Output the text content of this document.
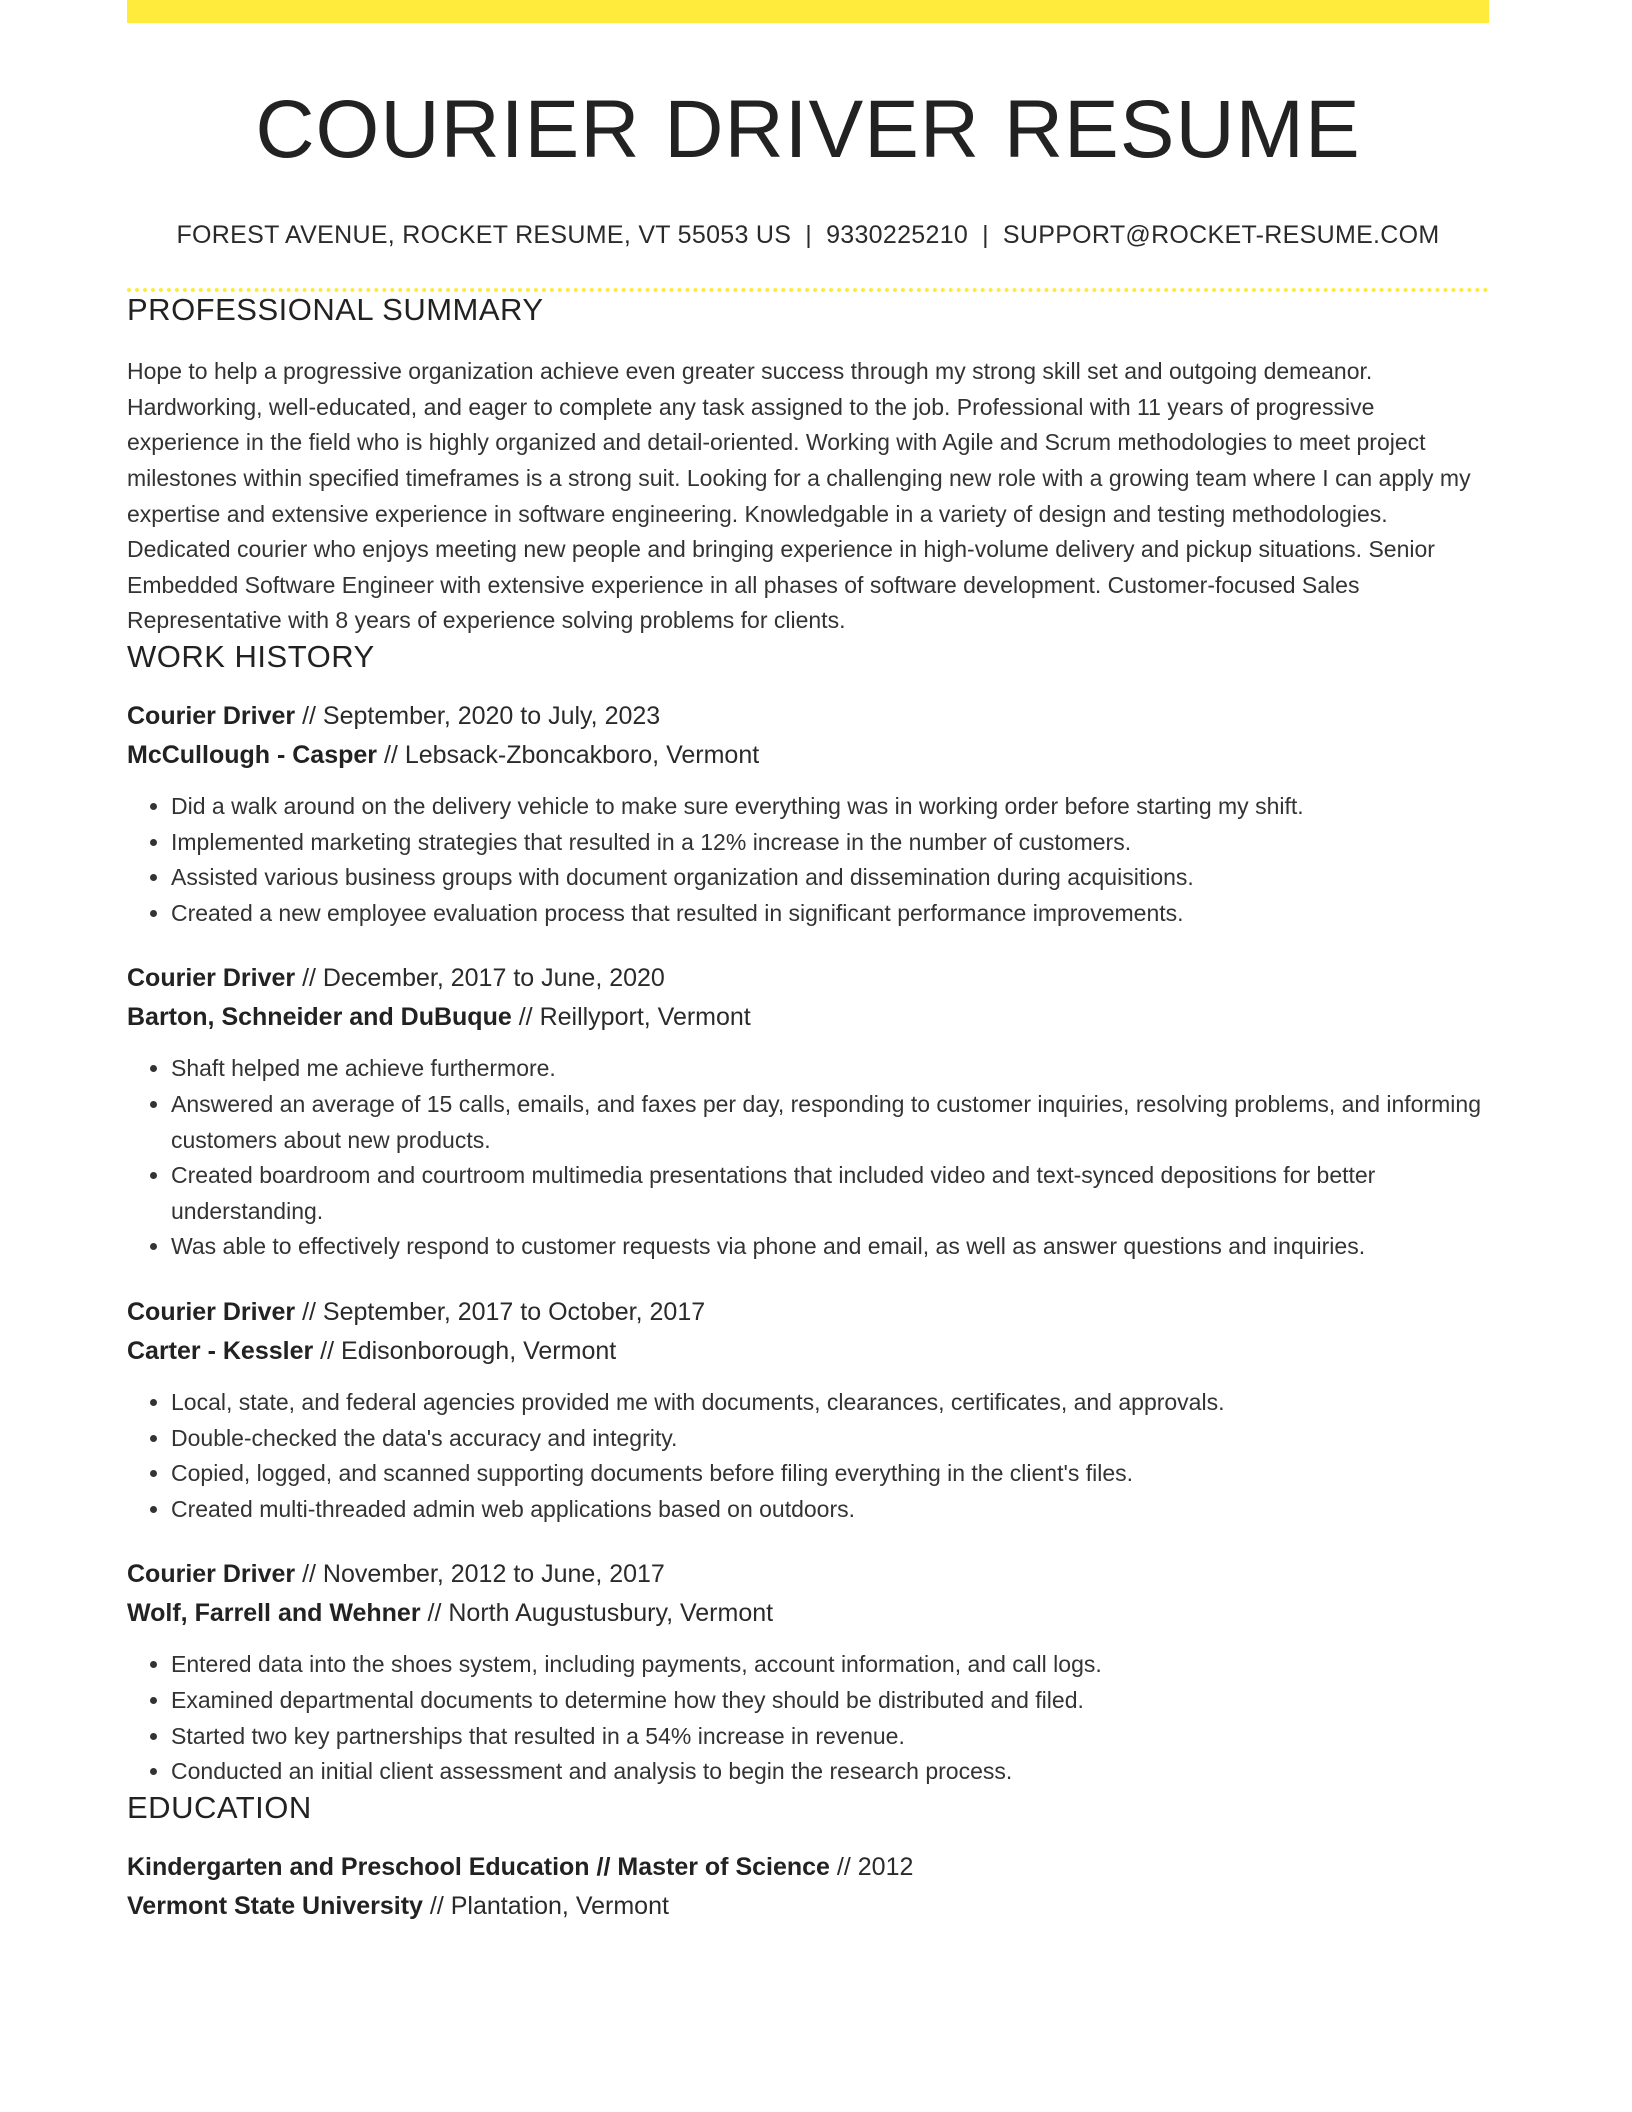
COURIER DRIVER RESUME
FOREST AVENUE, ROCKET RESUME, VT 55053 US | 9330225210 | SUPPORT@ROCKET-RESUME.COM
PROFESSIONAL SUMMARY

Hope to help a progressive organization achieve even greater success through my strong skill set and outgoing demeanor. Hardworking, well-educated, and eager to complete any task assigned to the job. Professional with 11 years of progressive experience in the field who is highly organized and detail-oriented. Working with Agile and Scrum methodologies to meet project milestones within specified timeframes is a strong suit. Looking for a challenging new role with a growing team where I can apply my expertise and extensive experience in software engineering. Knowledgable in a variety of design and testing methodologies. Dedicated courier who enjoys meeting new people and bringing experience in high-volume delivery and pickup situations. Senior Embedded Software Engineer with extensive experience in all phases of software development. Customer-focused Sales Representative with 8 years of experience solving problems for clients.

WORK HISTORY
Courier Driver // September, 2020 to July, 2023
McCullough - Casper // Lebsack-Zboncakboro, Vermont
• Did a walk around on the delivery vehicle to make sure everything was in working order before starting my shift.
• Implemented marketing strategies that resulted in a 12% increase in the number of customers.
• Assisted various business groups with document organization and dissemination during acquisitions.
• Created a new employee evaluation process that resulted in significant performance improvements.
Courier Driver // December, 2017 to June, 2020
Barton, Schneider and DuBuque // Reillyport, Vermont
• Shaft helped me achieve furthermore.
• Answered an average of 15 calls, emails, and faxes per day, responding to customer inquiries, resolving problems, and informing customers about new products.
• Created boardroom and courtroom multimedia presentations that included video and text-synced depositions for better understanding.
• Was able to effectively respond to customer requests via phone and email, as well as answer questions and inquiries.
Courier Driver // September, 2017 to October, 2017
Carter - Kessler // Edisonborough, Vermont
• Local, state, and federal agencies provided me with documents, clearances, certificates, and approvals.
• Double-checked the data's accuracy and integrity.
• Copied, logged, and scanned supporting documents before filing everything in the client's files.
• Created multi-threaded admin web applications based on outdoors.
Courier Driver // November, 2012 to June, 2017
Wolf, Farrell and Wehner // North Augustusbury, Vermont
• Entered data into the shoes system, including payments, account information, and call logs.
• Examined departmental documents to determine how they should be distributed and filed.
• Started two key partnerships that resulted in a 54% increase in revenue.
• Conducted an initial client assessment and analysis to begin the research process.
EDUCATION
Kindergarten and Preschool Education // Master of Science // 2012
Vermont State University // Plantation, Vermont
